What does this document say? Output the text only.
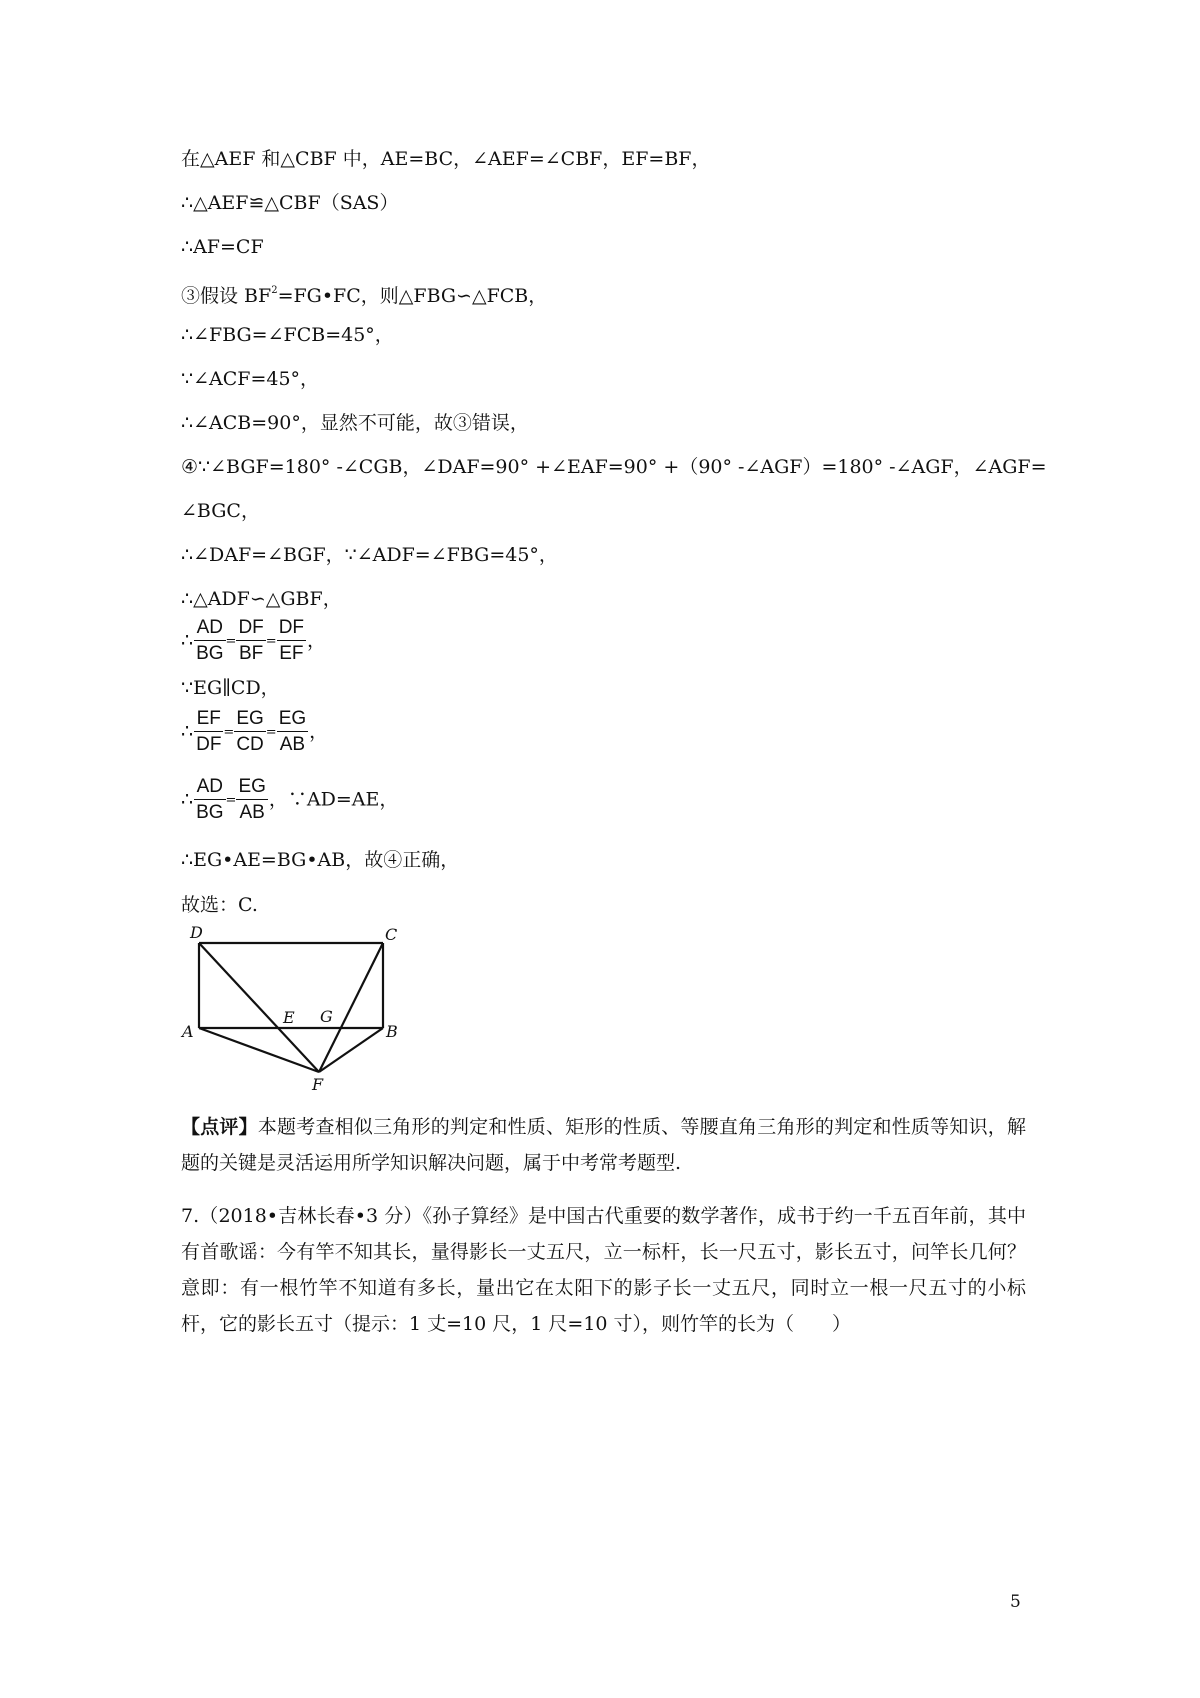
在△AEF 和△CBF 中，AE=BC，∠AEF=∠CBF，EF=BF，
∴△AEF≌△CBF（SAS）
∴AF=CF
③假设 $BF^2=FG•FC$，则△FBG∽△FCB，
∴∠FBG=∠FCB=45°，
∵∠ACF=45°，
∴∠ACB=90°，显然不可能，故③错误，
④∵∠BGF=180° -∠CGB，∠DAF=90° +∠EAF=90° +（90° -∠AGF）=180° -∠AGF，∠AGF=
∠BGC，
∴∠DAF=∠BGF，∵∠ADF=∠FBG=45°，
∴△ADF∽△GBF，
∴ $\frac{AD}{BG} = \frac{DF}{BF} = \frac{DF}{EF}$ ，
∵EG∥CD，
∴ $\frac{EF}{DF} = \frac{EG}{CD} = \frac{EG}{AB}$ ，
∴ $\frac{AD}{BG} = \frac{EG}{AB}$ ，∵AD=AE，
∴EG•AE=BG•AB，故④正确，
故选：C.
D	C
A
E G
B
F
【点评】本题考查相似三角形的判定和性质、矩形的性质、等腰直角三角形的判定和性质等知识，解题的关键是灵活运用所学知识解决问题，属于中考常考题型.
7.（2018•吉林长春•3 分）《孙子算经》是中国古代重要的数学著作，成书于约一千五百年前，其中有首歌谣：今有竿不知其长，量得影长一丈五尺，立一标杆，长一尺五寸，影长五寸，问竿长几何？意即：有一根竹竿不知道有多长，量出它在太阳下的影子长一丈五尺，同时立一根一尺五寸的小标杆，它的影长五寸（提示：1 丈=10 尺，1 尺=10 寸），则竹竿的长为（　　）
5
